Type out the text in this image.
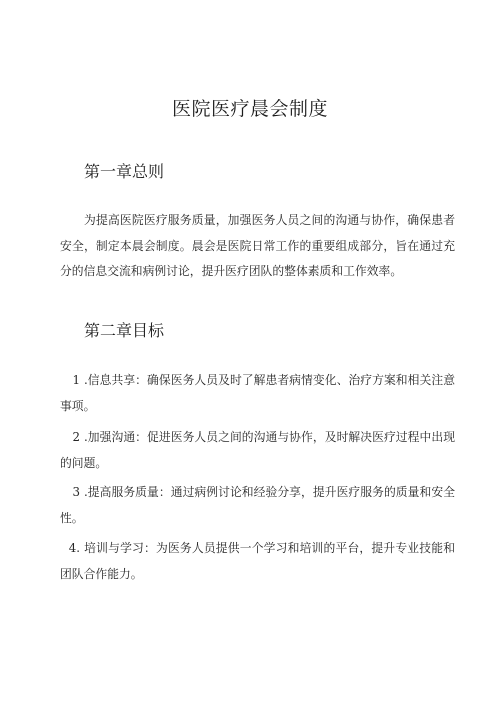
医院医疗晨会制度
第一章总则

为提高医院医疗服务质量，加强医务人员之间的沟通与协作，确保患者安全，制定本晨会制度。晨会是医院日常工作的重要组成部分，旨在通过充分的信息交流和病例讨论，提升医疗团队的整体素质和工作效率。

第二章目标

1 .信息共享：确保医务人员及时了解患者病情变化、治疗方案和相关注意事项。

2 .加强沟通：促进医务人员之间的沟通与协作，及时解决医疗过程中出现的问题。

3 .提高服务质量：通过病例讨论和经验分享，提升医疗服务的质量和安全性。

4. 培训与学习：为医务人员提供一个学习和培训的平台，提升专业技能和团队合作能力。
